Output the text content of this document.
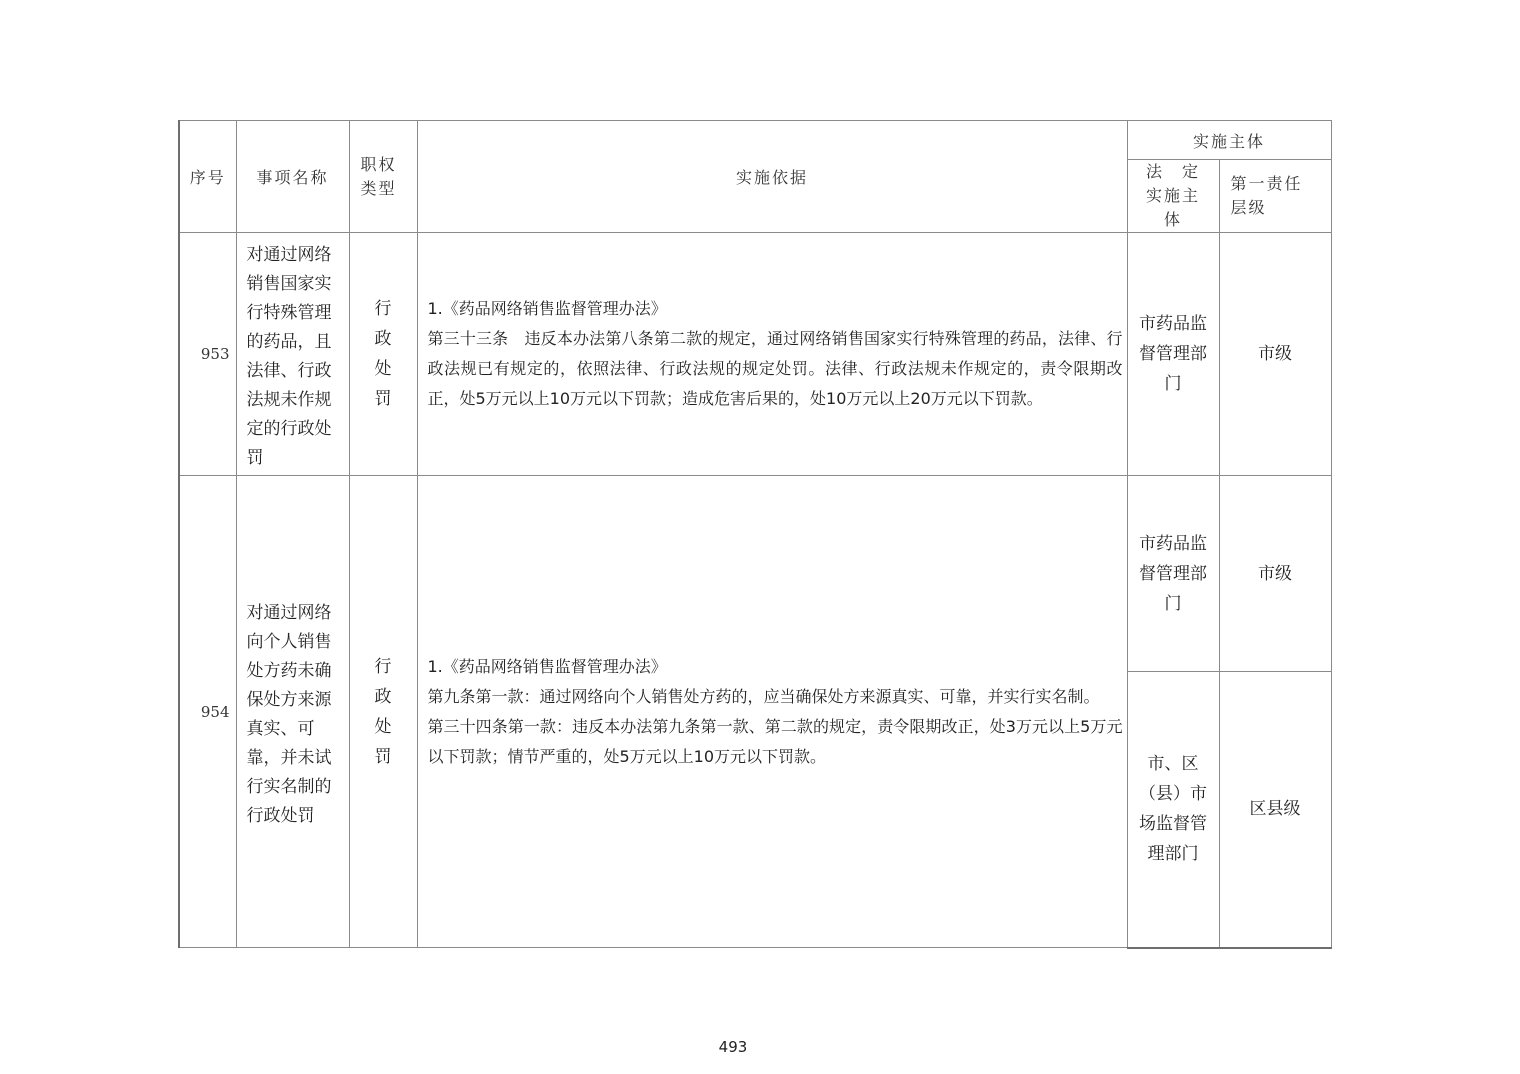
序号	事项名称	职权类型	实施依据	实施主体	
				法　定实施主体	第一责任层级
953	对通过网络销售国家实行特殊管理的药品，且法律、行政法规未作规定的行政处罚	行政处罚	1.《药品网络销售监督管理办法》

第三十三条　违反本办法第八条第二款的规定，通过网络销售国家实行特殊管理的药品，法律、行政法规已有规定的，依照法律、行政法规的规定处罚。法律、行政法规未作规定的，责令限期改正，处5万元以上10万元以下罚款；造成危害后果的，处10万元以上20万元以下罚款。	市药品监督管理部门	市级
954	对通过网络向个人销售处方药未确保处方来源真实、可靠，并未试行实名制的行政处罚	行政处罚	1.《药品网络销售监督管理办法》

第九条第一款：通过网络向个人销售处方药的，应当确保处方来源真实、可靠，并实行实名制。

第三十四条第一款：违反本办法第九条第一款、第二款的规定，责令限期改正，处3万元以上5万元以下罚款；情节严重的，处5万元以上10万元以下罚款。	市药品监督管理部门	市级
				市、区（县）市场监督管理部门	区县级
493
